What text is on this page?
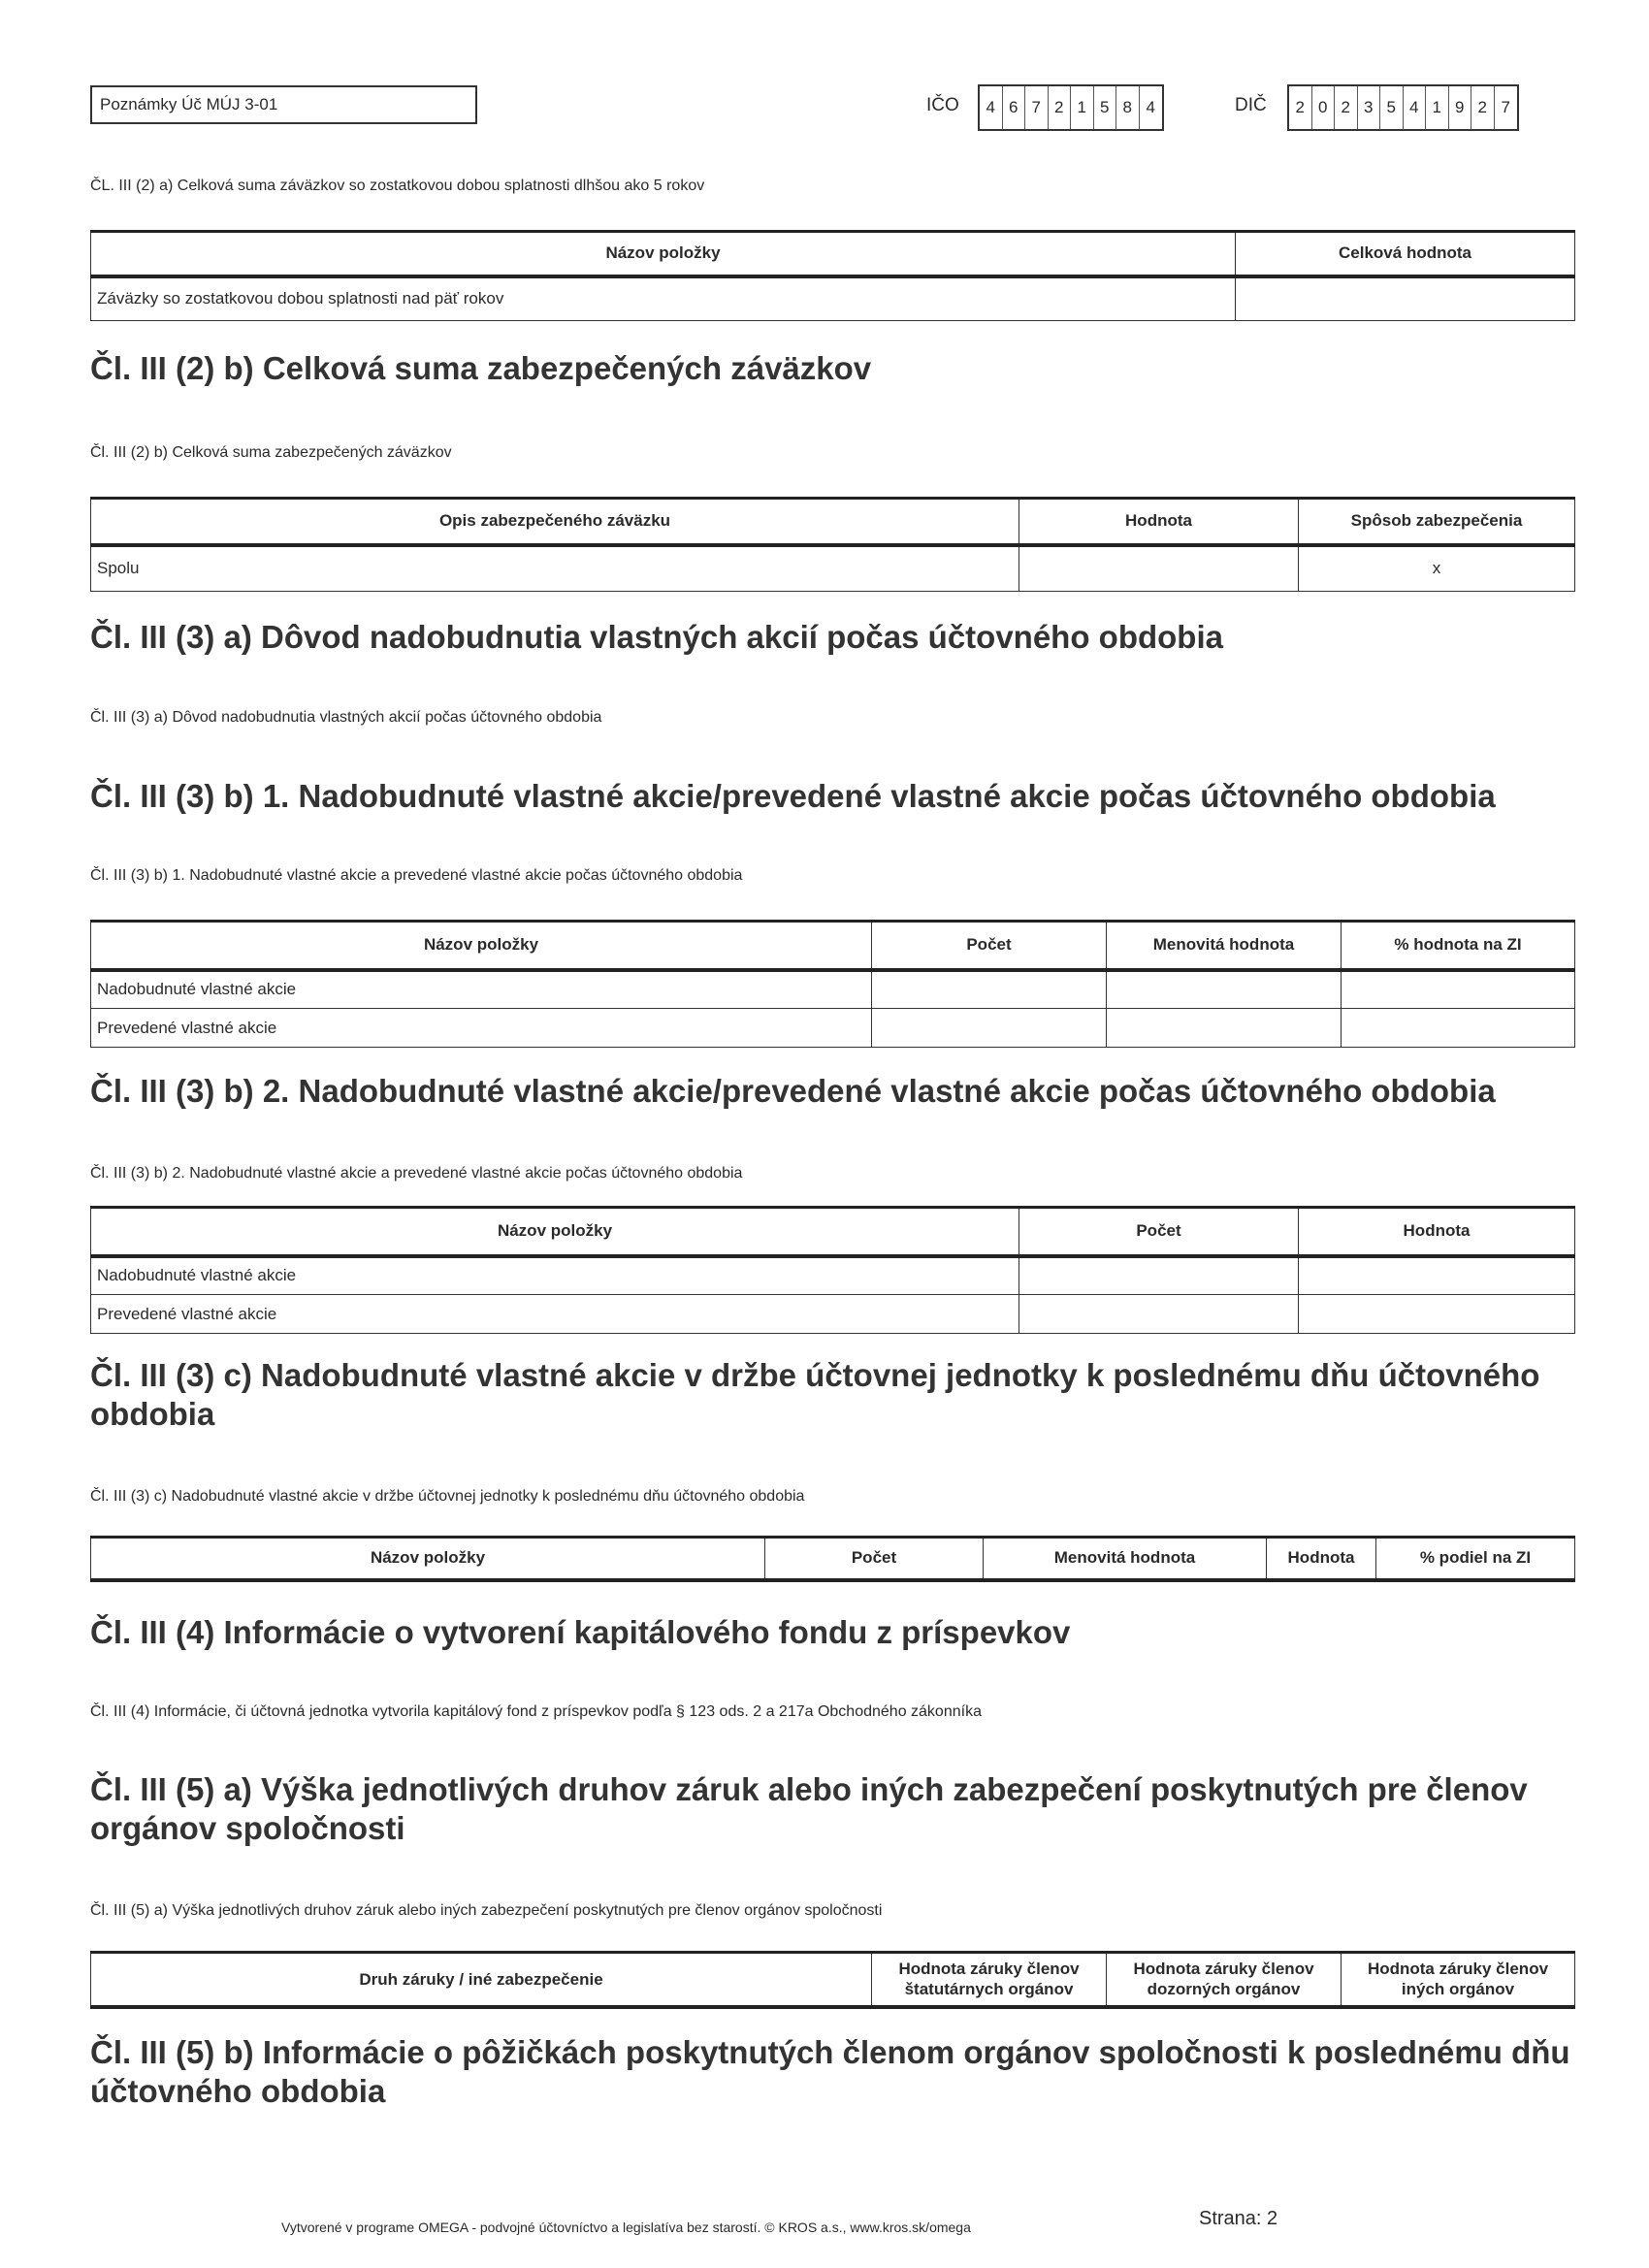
Poznámky Úč MÚJ 3-01	IČO	4 6 7 2 1 5 8 4	DIČ	2 0 2 3 5 4 1 9 2 7
ČL. III (2) a) Celková suma záväzkov so zostatkovou dobou splatnosti dlhšou ako 5 rokov
Názov položky	Celková hodnota
Záväzky so zostatkovou dobou splatnosti nad päť rokov	
Čl. III (2) b) Celková suma zabezpečených záväzkov
Čl. III (2) b) Celková suma zabezpečených záväzkov
Opis zabezpečeného záväzku	Hodnota	Spôsob zabezpečenia
Spolu		x
Čl. III (3) a) Dôvod nadobudnutia vlastných akcií počas účtovného obdobia
Čl. III (3) a) Dôvod nadobudnutia vlastných akcií počas účtovného obdobia
Čl. III (3) b) 1. Nadobudnuté vlastné akcie/prevedené vlastné akcie počas účtovného obdobia
Čl. III (3) b) 1. Nadobudnuté vlastné akcie a prevedené vlastné akcie počas účtovného obdobia
Názov položky	Počet	Menovitá hodnota	% hodnota na ZI
Nadobudnuté vlastné akcie			
Prevedené vlastné akcie			
Čl. III (3) b) 2. Nadobudnuté vlastné akcie/prevedené vlastné akcie počas účtovného obdobia
Čl. III (3) b) 2. Nadobudnuté vlastné akcie a prevedené vlastné akcie počas účtovného obdobia
Názov položky	Počet	Hodnota
Nadobudnuté vlastné akcie		
Prevedené vlastné akcie		
Čl. III (3) c) Nadobudnuté vlastné akcie v držbe účtovnej jednotky k poslednému dňu účtovného obdobia
Čl. III (3) c) Nadobudnuté vlastné akcie v držbe účtovnej jednotky k poslednému dňu účtovného obdobia
Názov položky	Počet	Menovitá hodnota	Hodnota	% podiel na ZI
Čl. III (4) Informácie o vytvorení kapitálového fondu z príspevkov
Čl. III (4) Informácie, či účtovná jednotka vytvorila kapitálový fond z príspevkov podľa § 123 ods. 2 a 217a Obchodného zákonníka
Čl. III (5) a) Výška jednotlivých druhov záruk alebo iných zabezpečení poskytnutých pre členov orgánov spoločnosti
Čl. III (5) a) Výška jednotlivých druhov záruk alebo iných zabezpečení poskytnutých pre členov orgánov spoločnosti
Druh záruky / iné zabezpečenie	Hodnota záruky členov štatutárnych orgánov	Hodnota záruky členov dozorných orgánov	Hodnota záruky členov iných orgánov
Čl. III (5) b) Informácie o pôžičkách poskytnutých členom orgánov spoločnosti k poslednému dňu účtovného obdobia
Vytvorené v programe OMEGA - podvojné účtovníctvo a legislatíva bez starostí. © KROS a.s., www.kros.sk/omega	Strana: 2
